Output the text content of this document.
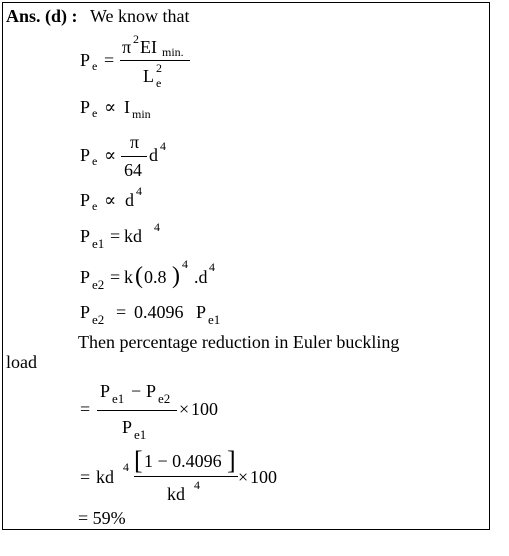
Ans. (d) : We know that
P e =
π 2 EI min.
L 2
e
P e ∝ I min
P e ∝
π
64
d 4
P e ∝ d 4
P e1 = kd 4
P e2 = k ( 0.8 ) 4
.d 4
P e2 = 0.4096 P e1
Then percentage reduction in Euler buckling
load
=
P e1 − P e2
P e1
× 100
= kd 4 [ 1 − 0.4096 ]
kd 4 × 100
= 59%
